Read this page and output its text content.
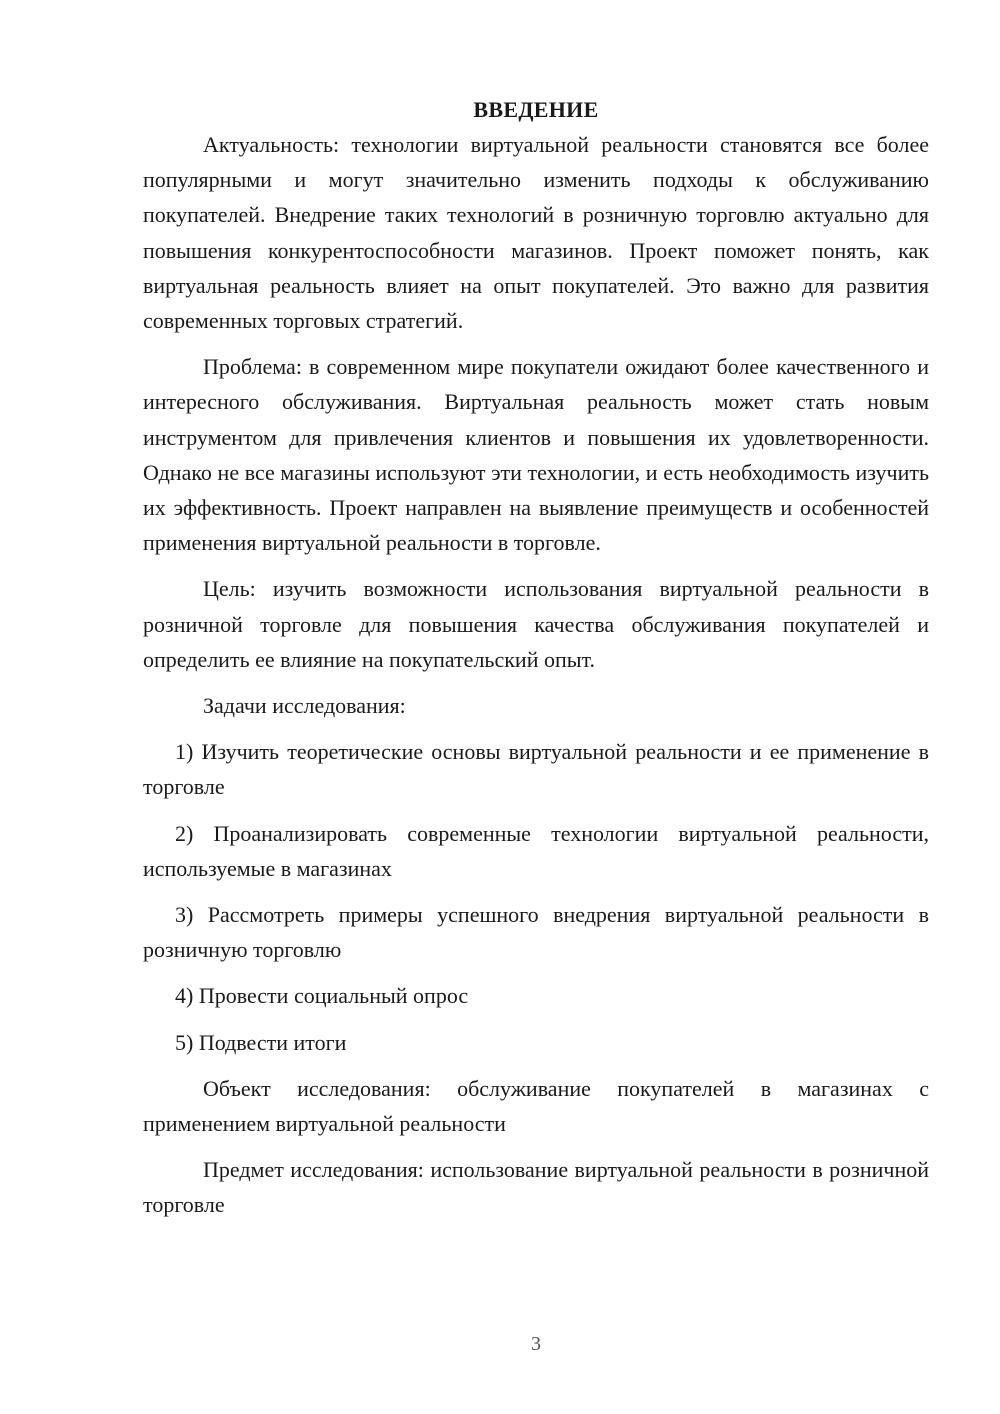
ВВЕДЕНИЕ

Актуальность: технологии виртуальной реальности становятся все более популярными и могут значительно изменить подходы к обслуживанию покупателей. Внедрение таких технологий в розничную торговлю актуально для повышения конкурентоспособности магазинов. Проект поможет понять, как виртуальная реальность влияет на опыт покупателей. Это важно для развития современных торговых стратегий.

Проблема: в современном мире покупатели ожидают более качественного и интересного обслуживания. Виртуальная реальность может стать новым инструментом для привлечения клиентов и повышения их удовлетворенности. Однако не все магазины используют эти технологии, и есть необходимость изучить их эффективность. Проект направлен на выявление преимуществ и особенностей применения виртуальной реальности в торговле.

Цель: изучить возможности использования виртуальной реальности в розничной торговле для повышения качества обслуживания покупателей и определить ее влияние на покупательский опыт.

Задачи исследования:

1) Изучить теоретические основы виртуальной реальности и ее применение в торговле

2) Проанализировать современные технологии виртуальной реальности, используемые в магазинах

3) Рассмотреть примеры успешного внедрения виртуальной реальности в розничную торговлю

4) Провести социальный опрос

5) Подвести итоги

Объект исследования: обслуживание покупателей в магазинах с применением виртуальной реальности

Предмет исследования: использование виртуальной реальности в розничной торговле

3
